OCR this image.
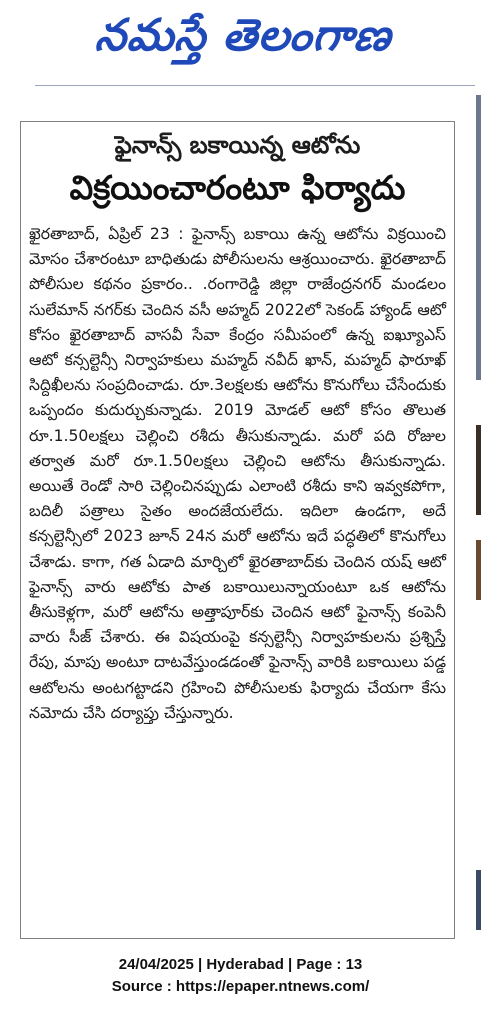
నమస్తే తెలంగాణ
ఫైనాన్స్ బకాయిన్న ఆటోను
విక్రయించారంటూ ఫిర్యాదు
ఖైరతాబాద్, ఏప్రిల్ 23 : ఫైనాన్స్ బకాయి ఉన్న ఆటోను విక్రయించి మోసం చేశారంటూ బాధితుడు పోలీసులను ఆశ్రయించారు. ఖైరతాబాద్ పోలీసుల కథనం ప్రకారం.. .రంగారెడ్డి జిల్లా రాజేంద్రనగర్ మండలం సులేమాన్ నగర్‌కు చెందిన వసీ అహ్మద్ 2022లో సెకండ్ హ్యాండ్ ఆటో కోసం ఖైరతాబాద్ వాసవీ సేవా కేంద్రం సమీపంలో ఉన్న ఐఖ్యూఎస్ ఆటో కన్సల్టెన్సీ నిర్వాహకులు మహ్మద్ నవీద్ ఖాన్, మహ్మద్ ఫారూఖ్ సిద్దిఖీలను సంప్రదించాడు. రూ.3లక్షలకు ఆటోను కొనుగోలు చేసేందుకు ఒప్పందం కుదుర్చుకున్నాడు. 2019 మోడల్ ఆటో కోసం తొలుత రూ.1.50లక్షలు చెల్లించి రశీదు తీసుకున్నాడు. మరో పది రోజుల తర్వాత మరో రూ.1.50లక్షలు చెల్లించి ఆటోను తీసుకున్నాడు. అయితే రెండో సారి చెల్లించినప్పుడు ఎలాంటి రశీదు కాని ఇవ్వకపోగా, బదిలీ పత్రాలు సైతం అందజేయలేదు. ఇదిలా ఉండగా, అదే కన్సల్టెన్సీలో 2023 జూన్ 24న మరో ఆటోను ఇదే పద్ధతిలో కొనుగోలు చేశాడు. కాగా, గత ఏడాది మార్చిలో ఖైరతాబాద్‌కు చెందిన యష్ ఆటో ఫైనాన్స్ వారు ఆటోకు పాత బకాయిలున్నాయంటూ ఒక ఆటోను తీసుకెళ్లగా, మరో ఆటోను అత్తాపూర్‌కు చెందిన ఆటో ఫైనాన్స్ కంపెనీ వారు సీజ్ చేశారు. ఈ విషయంపై కన్సల్టెన్సీ నిర్వాహకులను ప్రశ్నిస్తే రేపు, మాపు అంటూ దాటవేస్తుండడంతో ఫైనాన్స్ వారికి బకాయిలు పడ్డ ఆటోలను అంటగట్టాడని గ్రహించి పోలీసులకు ఫిర్యాదు చేయగా కేసు నమోదు చేసి దర్యాప్తు చేస్తున్నారు.
24/04/2025 | Hyderabad | Page : 13
Source : https://epaper.ntnews.com/
